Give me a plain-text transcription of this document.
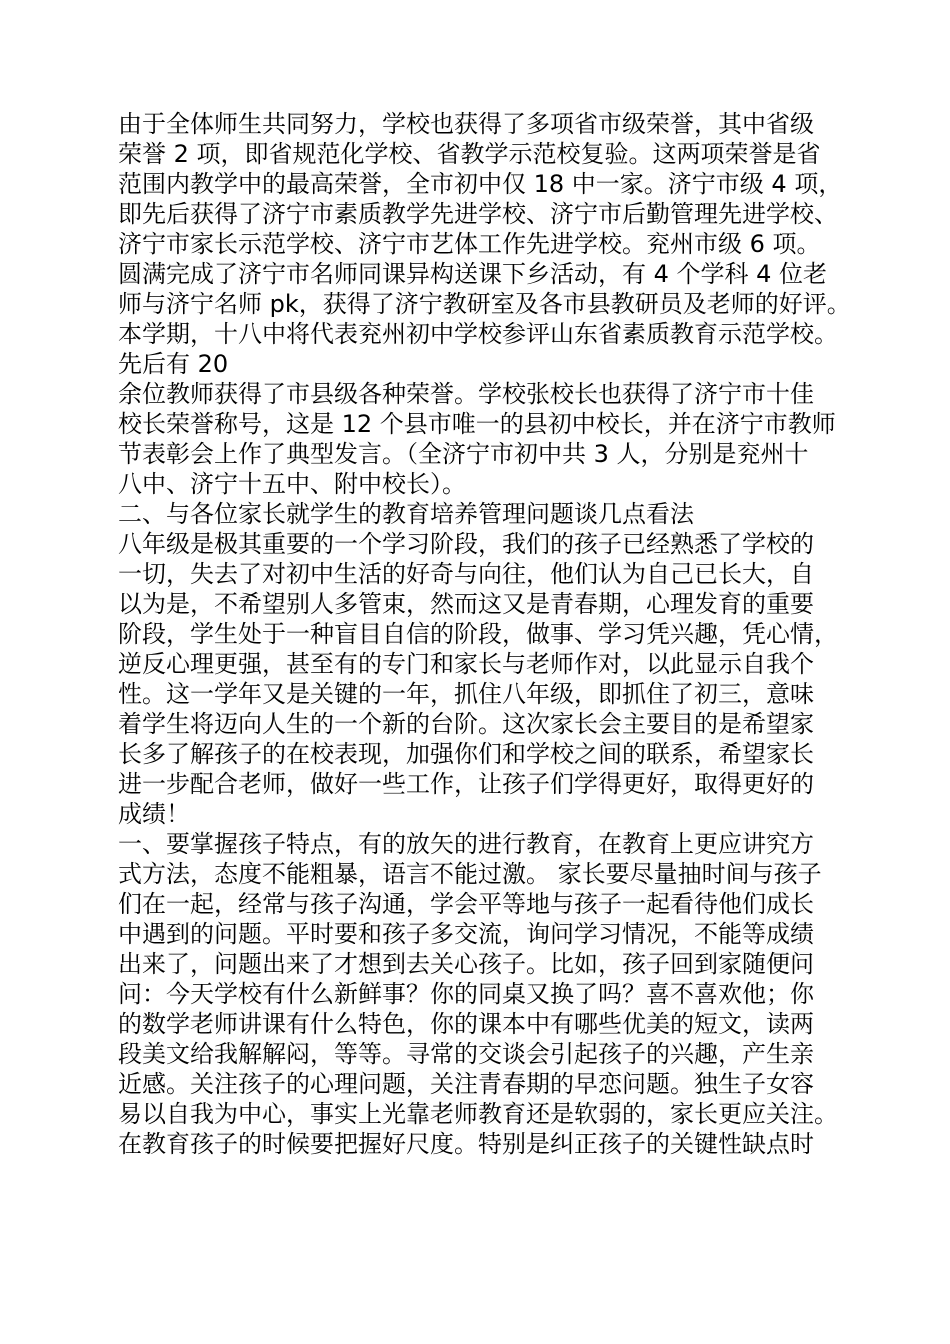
由于全体师生共同努力，学校也获得了多项省市级荣誉，其中省级
荣誉 2 项，即省规范化学校、省教学示范校复验。这两项荣誉是省
范围内教学中的最高荣誉，全市初中仅 18 中一家。济宁市级 4 项，
即先后获得了济宁市素质教学先进学校、济宁市后勤管理先进学校、
济宁市家长示范学校、济宁市艺体工作先进学校。兖州市级 6 项。
圆满完成了济宁市名师同课异构送课下乡活动，有 4 个学科 4 位老
师与济宁名师 pk，获得了济宁教研室及各市县教研员及老师的好评。
本学期，十八中将代表兖州初中学校参评山东省素质教育示范学校。
先后有 20
余位教师获得了市县级各种荣誉。学校张校长也获得了济宁市十佳
校长荣誉称号，这是 12 个县市唯一的县初中校长，并在济宁市教师
节表彰会上作了典型发言。（全济宁市初中共 3 人，分别是兖州十
八中、济宁十五中、附中校长）。
二、与各位家长就学生的教育培养管理问题谈几点看法
八年级是极其重要的一个学习阶段，我们的孩子已经熟悉了学校的
一切，失去了对初中生活的好奇与向往，他们认为自己已长大，自
以为是，不希望别人多管束，然而这又是青春期，心理发育的重要
阶段，学生处于一种盲目自信的阶段，做事、学习凭兴趣，凭心情，
逆反心理更强，甚至有的专门和家长与老师作对，以此显示自我个
性。这一学年又是关键的一年，抓住八年级，即抓住了初三，意味
着学生将迈向人生的一个新的台阶。这次家长会主要目的是希望家
长多了解孩子的在校表现，加强你们和学校之间的联系，希望家长
进一步配合老师，做好一些工作，让孩子们学得更好，取得更好的
成绩！
一、要掌握孩子特点，有的放矢的进行教育，在教育上更应讲究方
式方法，态度不能粗暴，语言不能过激。 家长要尽量抽时间与孩子
们在一起，经常与孩子沟通，学会平等地与孩子一起看待他们成长
中遇到的问题。平时要和孩子多交流，询问学习情况，不能等成绩
出来了，问题出来了才想到去关心孩子。比如，孩子回到家随便问
问：今天学校有什么新鲜事？你的同桌又换了吗？喜不喜欢他；你
的数学老师讲课有什么特色，你的课本中有哪些优美的短文，读两
段美文给我解解闷，等等。寻常的交谈会引起孩子的兴趣，产生亲
近感。关注孩子的心理问题，关注青春期的早恋问题。独生子女容
易以自我为中心，事实上光靠老师教育还是软弱的，家长更应关注。
在教育孩子的时候要把握好尺度。特别是纠正孩子的关键性缺点时
